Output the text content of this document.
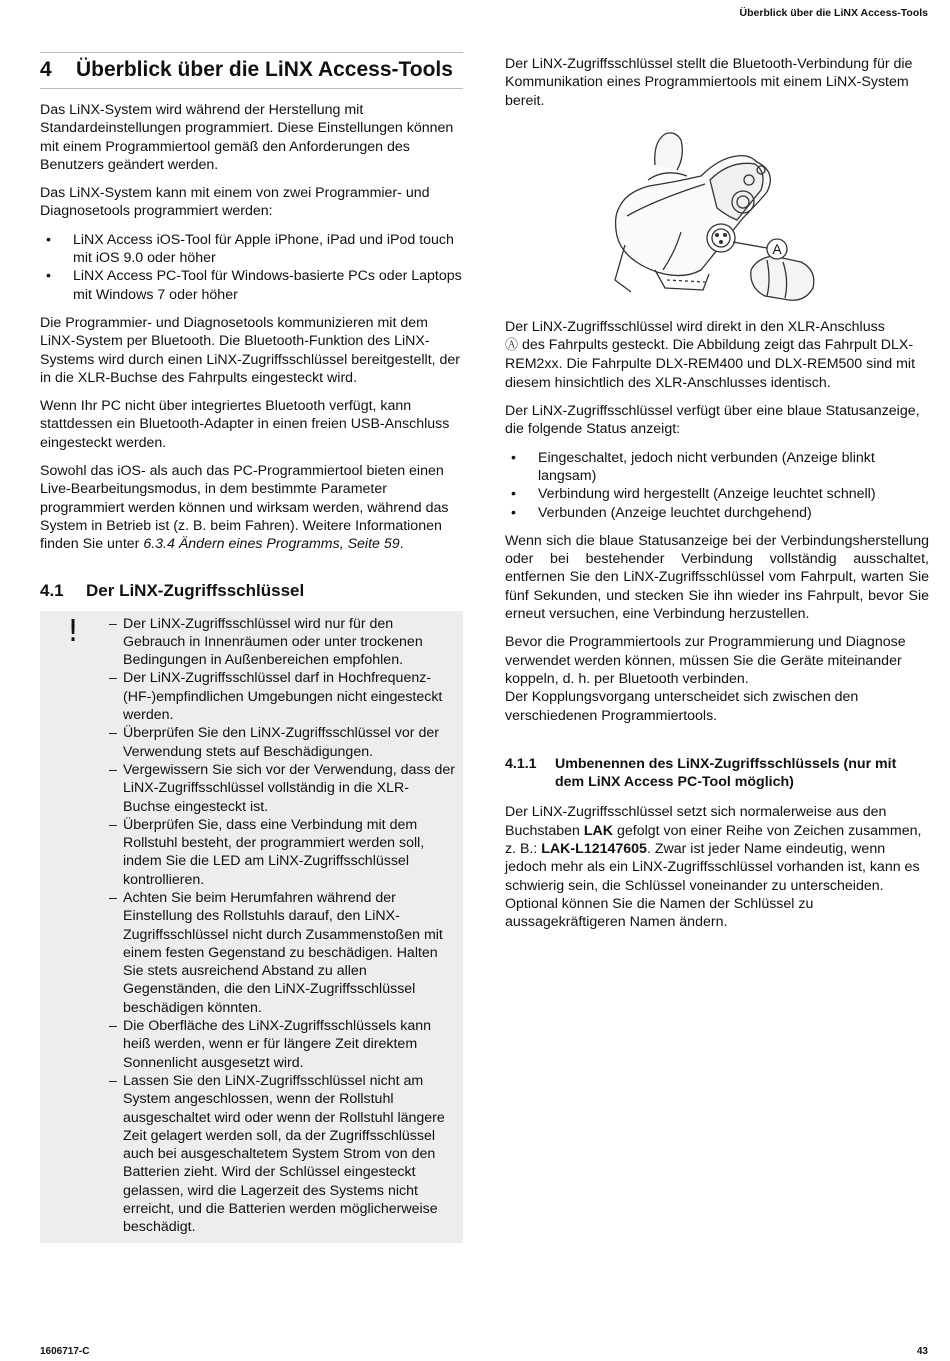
Überblick über die LiNX Access-Tools
4 Überblick über die LiNX Access-Tools

Das LiNX-System wird während der Herstellung mit Standardeinstellungen programmiert. Diese Einstellungen können mit einem Programmiertool gemäß den Anforderungen des Benutzers geändert werden.

Das LiNX-System kann mit einem von zwei Programmier- und Diagnosetools programmiert werden:

• LiNX Access iOS-Tool für Apple iPhone, iPad und iPod touch mit iOS 9.0 oder höher
• LiNX Access PC-Tool für Windows-basierte PCs oder Laptops mit Windows 7 oder höher

Die Programmier- und Diagnosetools kommunizieren mit dem LiNX-System per Bluetooth. Die Bluetooth-Funktion des LiNX-Systems wird durch einen LiNX-Zugriffsschlüssel bereitgestellt, der in die XLR-Buchse des Fahrpults eingesteckt wird.

Wenn Ihr PC nicht über integriertes Bluetooth verfügt, kann stattdessen ein Bluetooth-Adapter in einen freien USB-Anschluss eingesteckt werden.

Sowohl das iOS- als auch das PC-Programmiertool bieten einen Live-Bearbeitungsmodus, in dem bestimmte Parameter programmiert werden können und wirksam werden, während das System in Betrieb ist (z. B. beim Fahren). Weitere Informationen finden Sie unter 6.3.4 Ändern eines Programms, Seite 59.

4.1 Der LiNX-Zugriffsschlüssel
!
–	Der LiNX-Zugriffsschlüssel wird nur für den Gebrauch in Innenräumen oder unter trockenen Bedingungen in Außenbereichen empfohlen.
– Der LiNX-Zugriffsschlüssel darf in Hochfrequenz-(HF-)empfindlichen Umgebungen nicht eingesteckt werden.
– Überprüfen Sie den LiNX-Zugriffsschlüssel vor der Verwendung stets auf Beschädigungen.
– Vergewissern Sie sich vor der Verwendung, dass der LiNX-Zugriffsschlüssel vollständig in die XLR-Buchse eingesteckt ist.
– Überprüfen Sie, dass eine Verbindung mit dem Rollstuhl besteht, der programmiert werden soll, indem Sie die LED am LiNX-Zugriffsschlüssel kontrollieren.
– Achten Sie beim Herumfahren während der Einstellung des Rollstuhls darauf, den LiNX-Zugriffsschlüssel nicht durch Zusammenstoßen mit einem festen Gegenstand zu beschädigen. Halten Sie stets ausreichend Abstand zu allen Gegenständen, die den LiNX-Zugriffsschlüssel beschädigen könnten.
– Die Oberfläche des LiNX-Zugriffsschlüssels kann heiß werden, wenn er für längere Zeit direktem Sonnenlicht ausgesetzt wird.
– Lassen Sie den LiNX-Zugriffsschlüssel nicht am System angeschlossen, wenn der Rollstuhl ausgeschaltet wird oder wenn der Rollstuhl längere Zeit gelagert werden soll, da der Zugriffsschlüssel auch bei ausgeschaltetem System Strom von den Batterien zieht. Wird der Schlüssel eingesteckt gelassen, wird die Lagerzeit des Systems nicht erreicht, und die Batterien werden möglicherweise beschädigt.

Der LiNX-Zugriffsschlüssel stellt die Bluetooth-Verbindung für die Kommunikation eines Programmiertools mit einem LiNX-System bereit.

A

Der LiNX-Zugriffsschlüssel wird direkt in den XLR-Anschluss
Ⓐ des Fahrpults gesteckt. Die Abbildung zeigt das Fahrpult DLX-REM2xx. Die Fahrpulte DLX-REM400 und DLX-REM500 sind mit diesem hinsichtlich des XLR-Anschlusses identisch.

Der LiNX-Zugriffsschlüssel verfügt über eine blaue Statusanzeige, die folgende Status anzeigt:

• Eingeschaltet, jedoch nicht verbunden (Anzeige blinkt langsam)
• Verbindung wird hergestellt (Anzeige leuchtet schnell)
• Verbunden (Anzeige leuchtet durchgehend)

Wenn sich die blaue Statusanzeige bei der Verbindungsherstellung oder bei bestehender Verbindung vollständig ausschaltet, entfernen Sie den LiNX-Zugriffsschlüssel vom Fahrpult, warten Sie fünf Sekunden, und stecken Sie ihn wieder ins Fahrpult, bevor Sie erneut versuchen, eine Verbindung herzustellen.

Bevor die Programmiertools zur Programmierung und Diagnose verwendet werden können, müssen Sie die Geräte miteinander koppeln, d. h. per Bluetooth verbinden.
Der Kopplungsvorgang unterscheidet sich zwischen den verschiedenen Programmiertools.

4.1.1	Umbenennen des LiNX-Zugriffsschlüssels (nur mit dem LiNX Access PC-Tool möglich)

Der LiNX-Zugriffsschlüssel setzt sich normalerweise aus den Buchstaben LAK gefolgt von einer Reihe von Zeichen zusammen, z. B.: LAK-L12147605. Zwar ist jeder Name eindeutig, wenn jedoch mehr als ein LiNX-Zugriffsschlüssel vorhanden ist, kann es schwierig sein, die Schlüssel voneinander zu unterscheiden. Optional können Sie die Namen der Schlüssel zu aussagekräftigeren Namen ändern.

1606717-C	43
